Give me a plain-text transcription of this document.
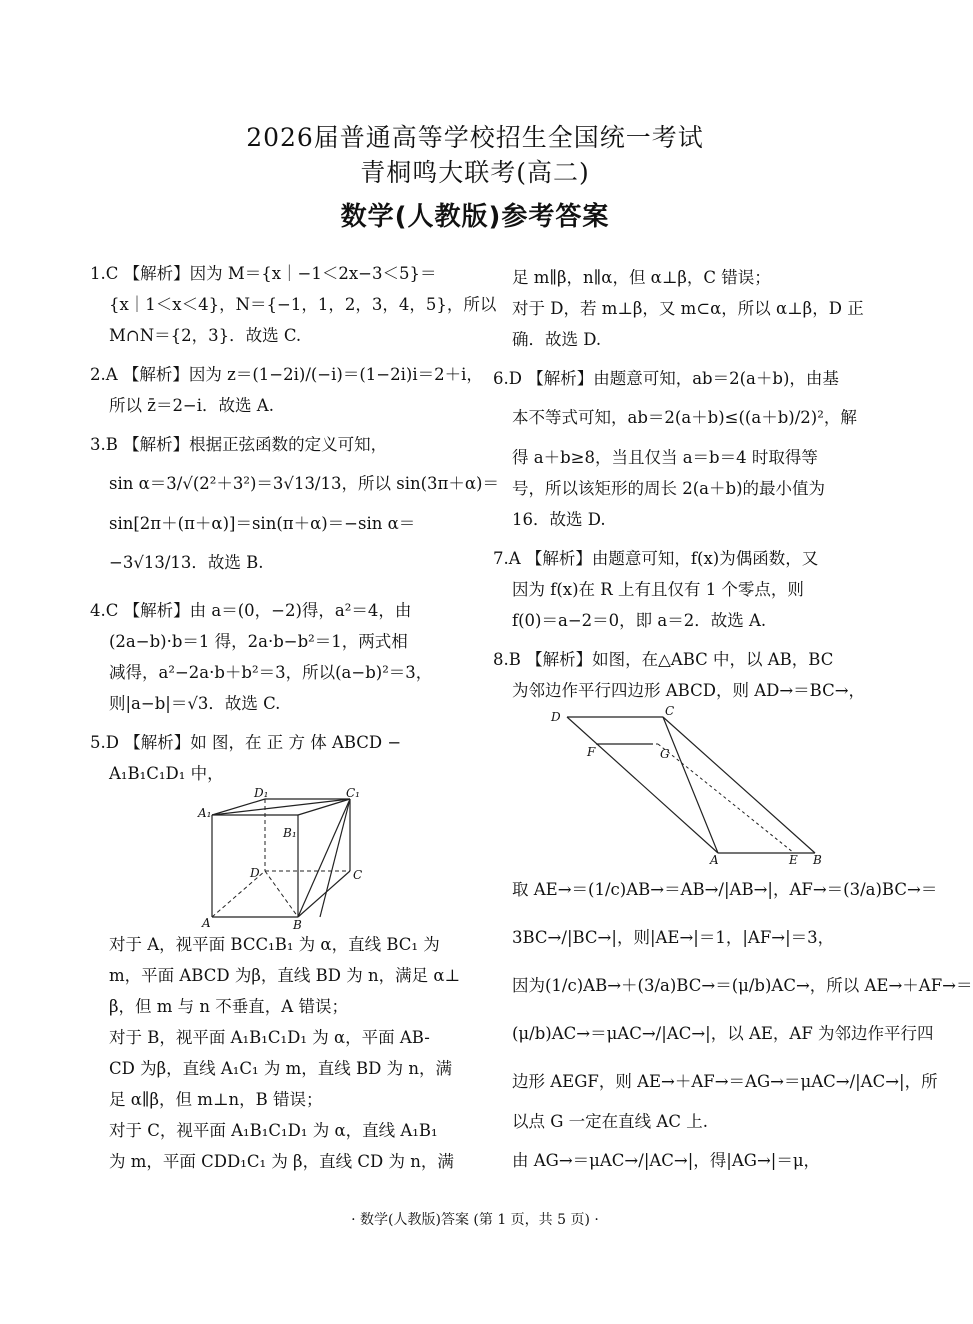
2026届普通高等学校招生全国统一考试
青桐鸣大联考(高二)
数学(人教版)参考答案
1.C 【解析】因为 M＝{x｜−1＜2x−3＜5}＝
{x｜1＜x＜4}，N＝{−1，1，2，3，4，5}，所以
M∩N＝{2，3}．故选 C.
2.A 【解析】因为 z＝(1−2i)/(−i)＝(1−2i)i＝2＋i，
所以 z̄＝2−i．故选 A.
3.B 【解析】根据正弦函数的定义可知，
sin α＝3/√(2²＋3²)＝3√13/13，所以 sin(3π＋α)＝
sin[2π＋(π＋α)]＝sin(π＋α)＝−sin α＝
−3√13/13．故选 B.
4.C 【解析】由 a＝(0，−2)得，a²＝4，由
(2a−b)·b＝1 得，2a·b−b²＝1，两式相
减得，a²−2a·b＋b²＝3，所以(a−b)²＝3，
则|a−b|＝√3．故选 C.
5.D 【解析】如 图，在 正 方 体 ABCD −
A₁B₁C₁D₁ 中，
D₁	C₁
A₁
B₁
D	C
A	B
对于 A，视平面 BCC₁B₁ 为 α，直线 BC₁ 为
m，平面 ABCD 为β，直线 BD 为 n，满足 α⊥
β，但 m 与 n 不垂直，A 错误；
对于 B，视平面 A₁B₁C₁D₁ 为 α，平面 AB-
CD 为β，直线 A₁C₁ 为 m，直线 BD 为 n，满
足 α∥β，但 m⊥n，B 错误；
对于 C，视平面 A₁B₁C₁D₁ 为 α，直线 A₁B₁
为 m，平面 CDD₁C₁ 为 β，直线 CD 为 n，满
足 m∥β，n∥α，但 α⊥β，C 错误；
对于 D，若 m⊥β，又 m⊂α，所以 α⊥β，D 正
确．故选 D.
6.D 【解析】由题意可知，ab＝2(a＋b)，由基
本不等式可知，ab＝2(a＋b)≤((a＋b)/2)²，解
得 a＋b≥8，当且仅当 a＝b＝4 时取得等
号，所以该矩形的周长 2(a＋b)的最小值为
16．故选 D.
7.A 【解析】由题意可知，f(x)为偶函数，又
因为 f(x)在 R 上有且仅有 1 个零点，则
f(0)＝a−2＝0，即 a＝2．故选 A.
8.B 【解析】如图，在△ABC 中，以 AB，BC
为邻边作平行四边形 ABCD，则 AD→＝BC→，
D	C
F	G
A	E B
取 AE→＝(1/c)AB→＝AB→/|AB→|，AF→＝(3/a)BC→＝
3BC→/|BC→|，则|AE→|＝1，|AF→|＝3，
因为(1/c)AB→＋(3/a)BC→＝(μ/b)AC→，所以 AE→＋AF→＝
(μ/b)AC→＝μAC→/|AC→|，以 AE，AF 为邻边作平行四
边形 AEGF，则 AE→＋AF→＝AG→＝μAC→/|AC→|，所
以点 G 一定在直线 AC 上.
由 AG→＝μAC→/|AC→|，得|AG→|＝μ，
· 数学(人教版)答案 (第 1 页，共 5 页) ·
